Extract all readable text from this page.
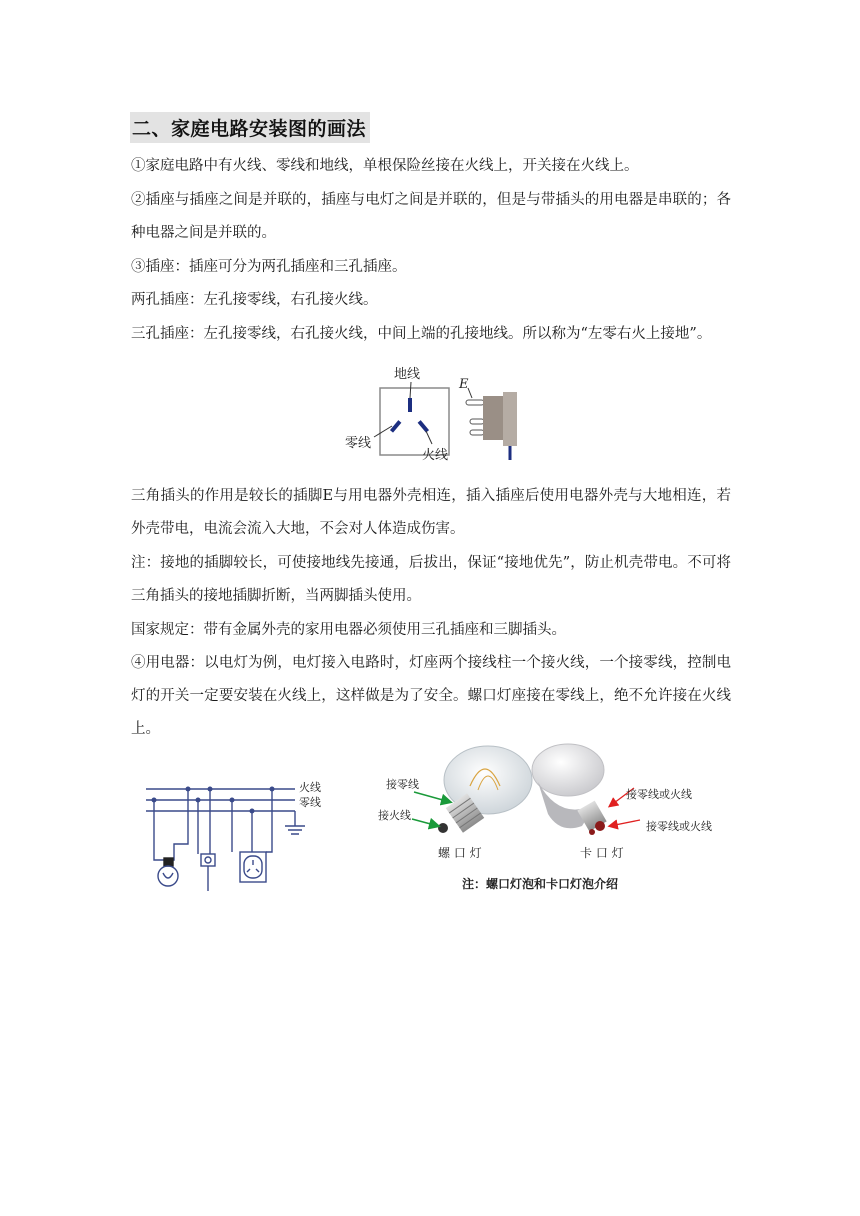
二、家庭电路安装图的画法
①家庭电路中有火线、零线和地线，单根保险丝接在火线上，开关接在火线上。
②插座与插座之间是并联的，插座与电灯之间是并联的，但是与带插头的用电器是串联的；各种电器之间是并联的。
③插座：插座可分为两孔插座和三孔插座。
两孔插座：左孔接零线，右孔接火线。
三孔插座：左孔接零线，右孔接火线，中间上端的孔接地线。所以称为“左零右火上接地”。
地线
零线
火线
E
三角插头的作用是较长的插脚E与用电器外壳相连，插入插座后使用电器外壳与大地相连，若外壳带电，电流会流入大地，不会对人体造成伤害。
注：接地的插脚较长，可使接地线先接通，后拔出，保证“接地优先”，防止机壳带电。不可将三角插头的接地插脚折断，当两脚插头使用。
国家规定：带有金属外壳的家用电器必须使用三孔插座和三脚插头。
④用电器：以电灯为例，电灯接入电路时，灯座两个接线柱一个接火线，一个接零线，控制电灯的开关一定要安装在火线上，这样做是为了安全。螺口灯座接在零线上，绝不允许接在火线上。
火线
零线
接零线
接火线
螺 口 灯
接零线或火线
接零线或火线
卡 口 灯
注：螺口灯泡和卡口灯泡介绍
